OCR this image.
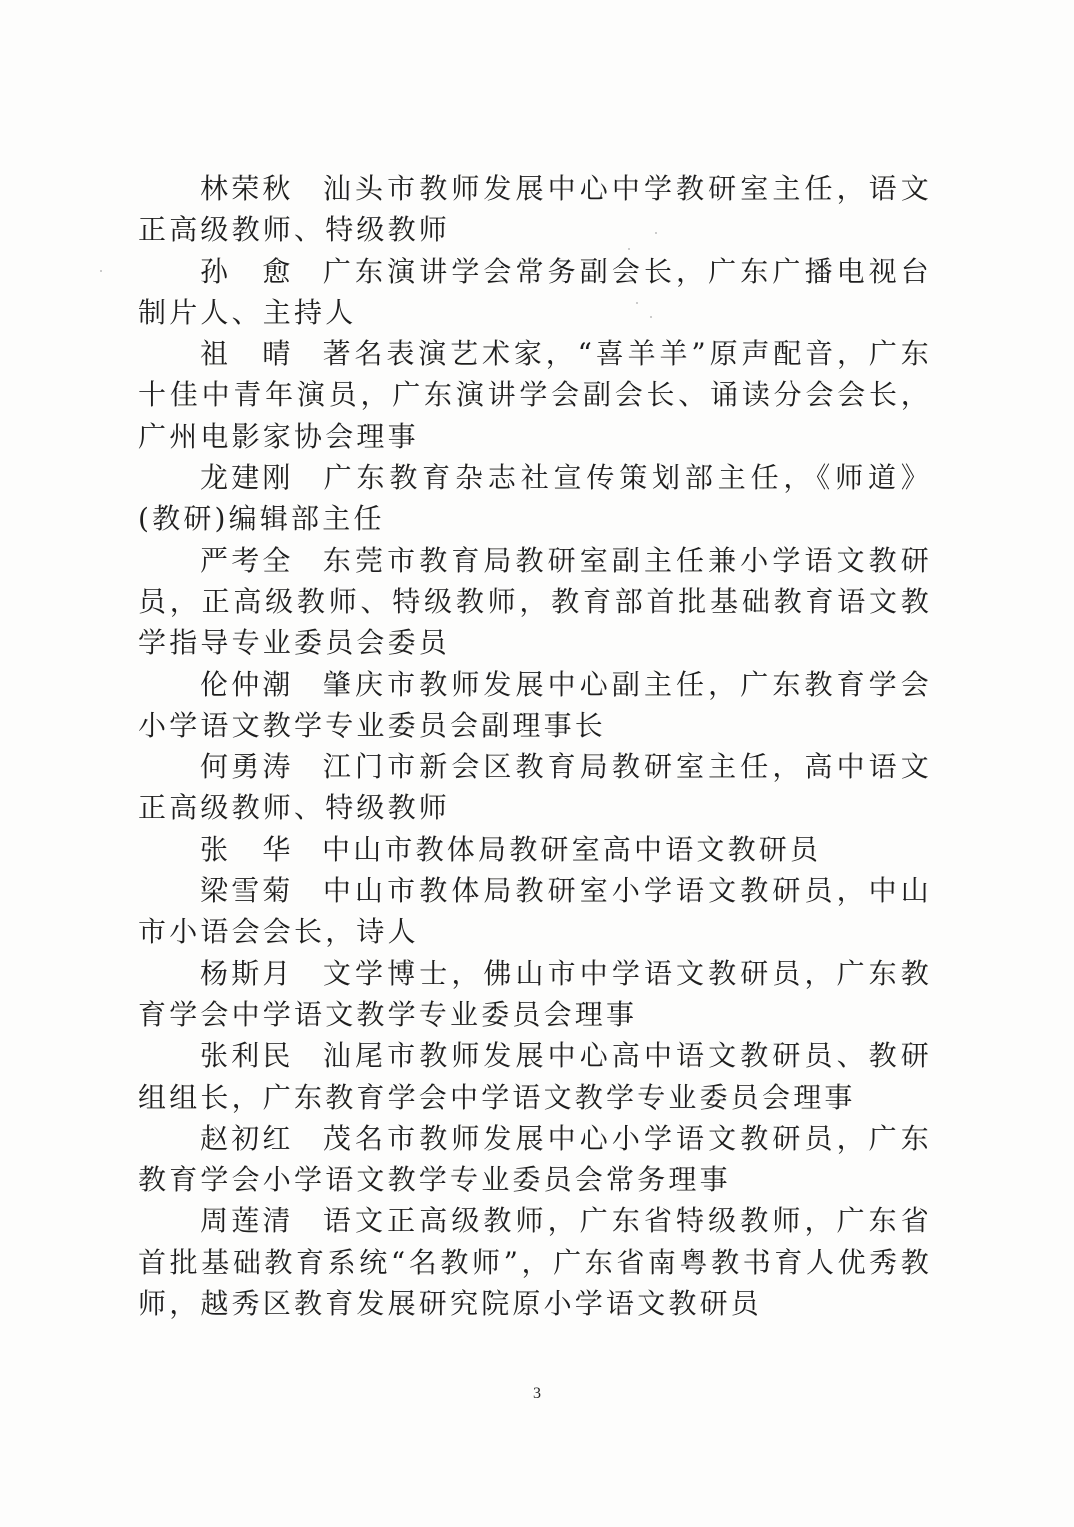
林荣秋 汕头市教师发展中心中学教研室主任，语文正高级教师、特级教师

孙　愈 广东演讲学会常务副会长，广东广播电视台制片人、主持人

祖　晴 著名表演艺术家，“喜羊羊”原声配音，广东十佳中青年演员，广东演讲学会副会长、诵读分会会长，广州电影家协会理事

龙建刚 广东教育杂志社宣传策划部主任，《师道》(教研)编辑部主任

严考全 东莞市教育局教研室副主任兼小学语文教研员，正高级教师、特级教师，教育部首批基础教育语文教学指导专业委员会委员

伦仲潮 肇庆市教师发展中心副主任，广东教育学会小学语文教学专业委员会副理事长

何勇涛 江门市新会区教育局教研室主任，高中语文正高级教师、特级教师

张　华 中山市教体局教研室高中语文教研员

梁雪菊 中山市教体局教研室小学语文教研员，中山市小语会会长，诗人

杨斯月 文学博士，佛山市中学语文教研员，广东教育学会中学语文教学专业委员会理事

张利民 汕尾市教师发展中心高中语文教研员、教研组组长，广东教育学会中学语文教学专业委员会理事

赵初红 茂名市教师发展中心小学语文教研员，广东教育学会小学语文教学专业委员会常务理事

周莲清 语文正高级教师，广东省特级教师，广东省首批基础教育系统“名教师”，广东省南粤教书育人优秀教师，越秀区教育发展研究院原小学语文教研员

3
